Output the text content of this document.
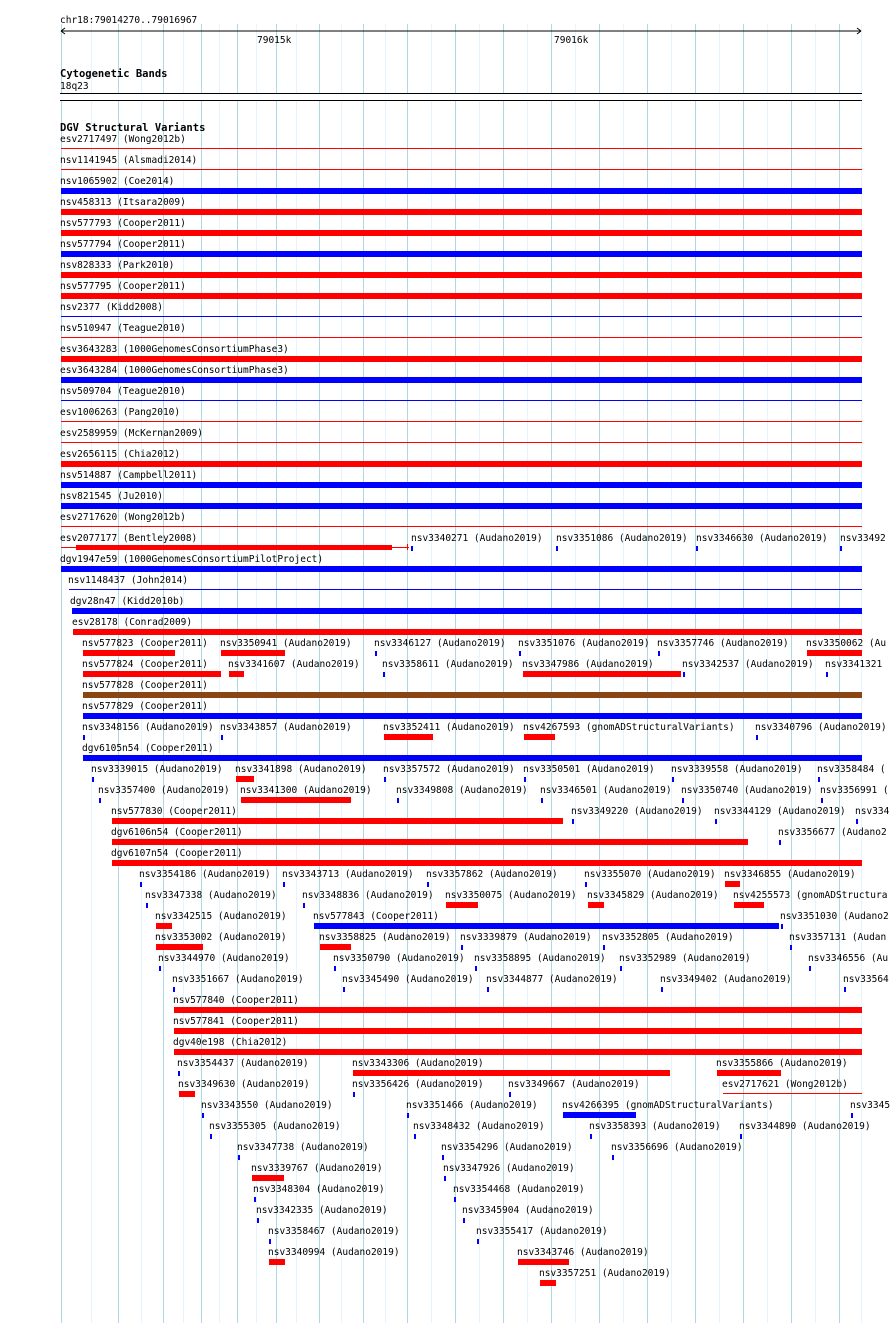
chr18:79014270..79016967
79015k	79016k
Cytogenetic Bands
18q23
DGV Structural Variants
esv2717497 (Wong2012b)
nsv1141945 (Alsmadi2014)
nsv1065902 (Coe2014)
nsv458313 (Itsara2009)
nsv577793 (Cooper2011)
nsv577794 (Cooper2011)
nsv828333 (Park2010)
nsv577795 (Cooper2011)
nsv2377 (Kidd2008)
nsv510947 (Teague2010)
esv3643283 (1000GenomesConsortiumPhase3)
esv3643284 (1000GenomesConsortiumPhase3)
nsv509704 (Teague2010)
esv1006263 (Pang2010)
esv2589959 (McKernan2009)
esv2656115 (Chia2012)
nsv514887 (Campbell2011)
nsv821545 (Ju2010)
esv2717620 (Wong2012b)
esv2077177 (Bentley2008)	nsv3340271 (Audano2019) nsv3351086 (Audano2019) nsv3346630 (Audano2019) nsv33492
dgv1947e59 (1000GenomesConsortiumPilotProject)
nsv1148437 (John2014)
dgv28n47 (Kidd2010b)
esv28178 (Conrad2009)
nsv577823 (Cooper2011) nsv3350941 (Audano2019) nsv3346127 (Audano2019) nsv3351076 (Audano2019) nsv3357746 (Audano2019) nsv3350062 (Au
nsv577824 (Cooper2011) nsv3341607 (Audano2019) nsv3358611 (Audano2019) nsv3347986 (Audano2019)	nsv3342537 (Audano2019) nsv3341321
nsv577828 (Cooper2011)
nsv577829 (Cooper2011)
nsv3348156 (Audano2019) nsv3343857 (Audano2019)	nsv3352411 (Audano2019) nsv4267593 (gnomADStructuralVariants) nsv3340796 (Audano2019)
dgv6105n54 (Cooper2011)
nsv3339015 (Audano2019) nsv3341898 (Audano2019) nsv3357572 (Audano2019) nsv3350501 (Audano2019) nsv3339558 (Audano2019) nsv3358484 (
nsv3357400 (Audano2019) nsv3341300 (Audano2019)	nsv3349808 (Audano2019) nsv3346501 (Audano2019) nsv3350740 (Audano2019) nsv3356991 (
nsv577830 (Cooper2011)	nsv3349220 (Audano2019) nsv3344129 (Audano2019) nsv334
dgv6106n54 (Cooper2011)	nsv3356677 (Audano2
dgv6107n54 (Cooper2011)
nsv3354186 (Audano2019) nsv3343713 (Audano2019) nsv3357862 (Audano2019)	nsv3355070 (Audano2019) nsv3346855 (Audano2019)
nsv3347338 (Audano2019)	nsv3348836 (Audano2019) nsv3350075 (Audano2019) nsv3345829 (Audano2019) nsv4255573 (gnomADStructura
nsv3342515 (Audano2019)	nsv577843 (Cooper2011)	nsv3351030 (Audano2
nsv3353002 (Audano2019)	nsv3358825 (Audano2019) nsv3339879 (Audano2019) nsv3352805 (Audano2019)	nsv3357131 (Audan
nsv3344970 (Audano2019)	nsv3350790 (Audano2019) nsv3358895 (Audano2019) nsv3352989 (Audano2019)	nsv3346556 (Au
nsv3351667 (Audano2019)	nsv3345490 (Audano2019) nsv3344877 (Audano2019)	nsv3349402 (Audano2019)	nsv33564
nsv577840 (Cooper2011)
nsv577841 (Cooper2011)
dgv40e198 (Chia2012)
nsv3354437 (Audano2019)	nsv3343306 (Audano2019)	nsv3355866 (Audano2019)
nsv3349630 (Audano2019)	nsv3356426 (Audano2019)	nsv3349667 (Audano2019)	esv2717621 (Wong2012b)
nsv3343550 (Audano2019)	nsv3351466 (Audano2019)	nsv4266395 (gnomADStructuralVariants)	nsv3345
nsv3355305 (Audano2019)	nsv3348432 (Audano2019)	nsv3358393 (Audano2019) nsv3344890 (Audano2019)
nsv3347738 (Audano2019)	nsv3354296 (Audano2019)	nsv3356696 (Audano2019)
nsv3339767 (Audano2019)	nsv3347926 (Audano2019)
nsv3348304 (Audano2019)	nsv3354468 (Audano2019)
nsv3342335 (Audano2019)	nsv3345904 (Audano2019)
nsv3358467 (Audano2019)	nsv3355417 (Audano2019)
nsv3340994 (Audano2019)	nsv3343746 (Audano2019)
nsv3357251 (Audano2019)
